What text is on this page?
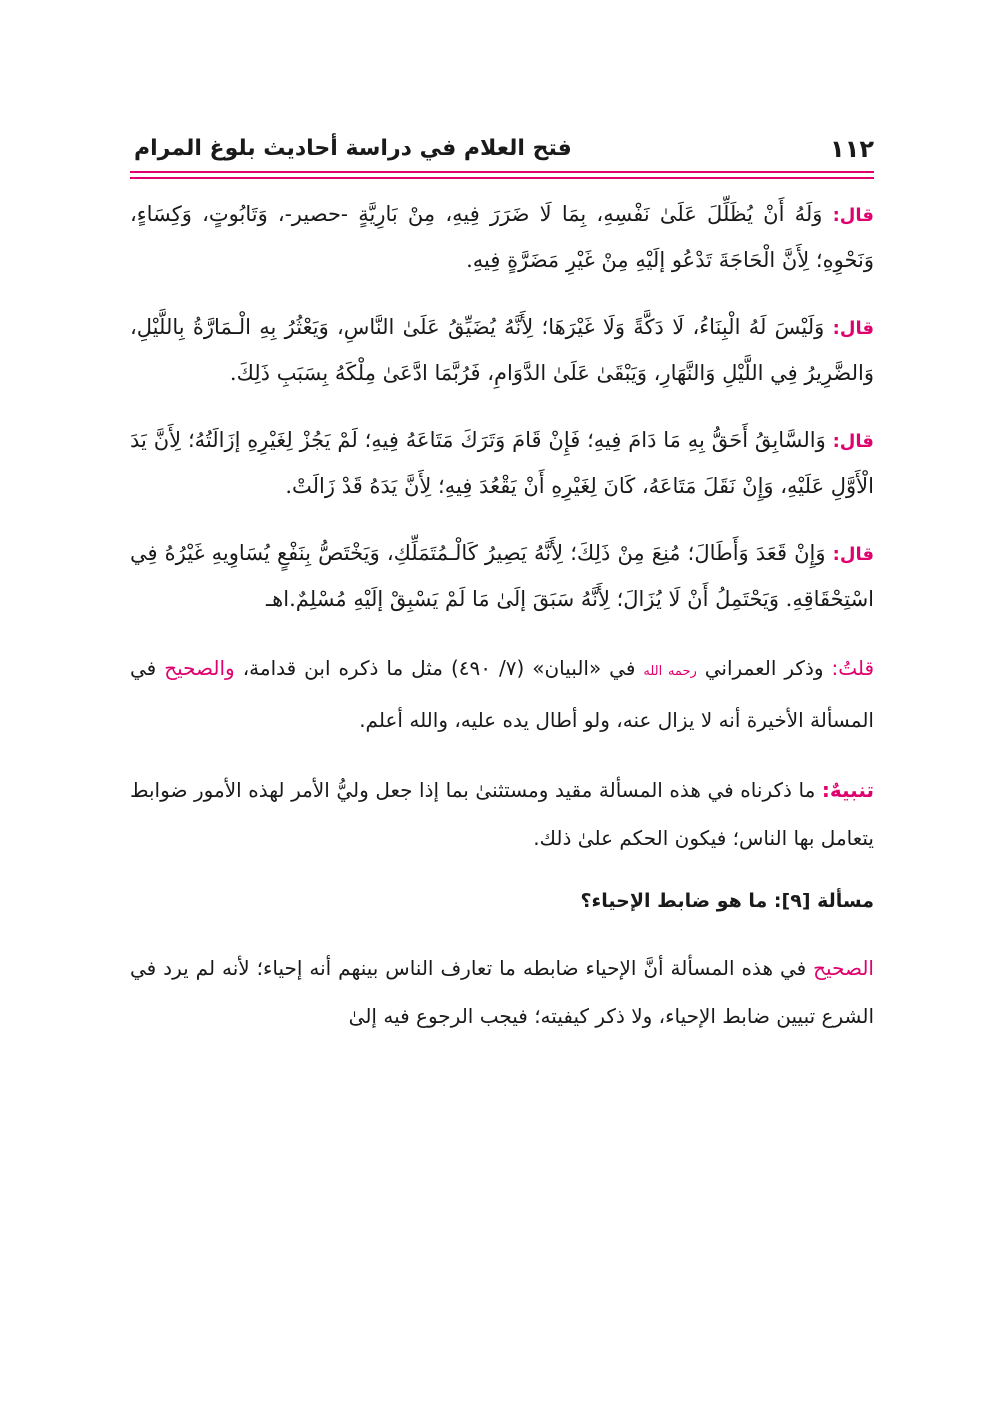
١١٢
فتح العلام في دراسة أحاديث بلوغ المرام

قال: وَلَهُ أَنْ يُظَلِّلَ عَلَىٰ نَفْسِهِ، بِمَا لَا ضَرَرَ فِيهِ، مِنْ بَارِيَّةٍ -حصير-، وَتَابُوتٍ، وَكِسَاءٍ، وَنَحْوِهِ؛ لِأَنَّ الْحَاجَةَ تَدْعُو إلَيْهِ مِنْ غَيْرِ مَضَرَّةٍ فِيهِ.

قال: وَلَيْسَ لَهُ الْبِنَاءُ، لَا دَكَّةً وَلَا غَيْرَهَا؛ لِأَنَّهُ يُضَيِّقُ عَلَىٰ النَّاسِ، وَيَعْثُرُ بِهِ الْـمَارَّةُ بِاللَّيْلِ، وَالضَّرِيرُ فِي اللَّيْلِ وَالنَّهَارِ، وَيَبْقَىٰ عَلَىٰ الدَّوَامِ، فَرُبَّمَا ادَّعَىٰ مِلْكَهُ بِسَبَبِ ذَلِكَ.

قال: وَالسَّابِقُ أَحَقُّ بِهِ مَا دَامَ فِيهِ؛ فَإِنْ قَامَ وَتَرَكَ مَتَاعَهُ فِيهِ؛ لَمْ يَجُزْ لِغَيْرِهِ إزَالَتُهُ؛ لِأَنَّ يَدَ الْأَوَّلِ عَلَيْهِ، وَإِنْ نَقَلَ مَتَاعَهُ، كَانَ لِغَيْرِهِ أَنْ يَقْعُدَ فِيهِ؛ لِأَنَّ يَدَهُ قَدْ زَالَتْ.

قال: وَإِنْ قَعَدَ وَأَطَالَ؛ مُنِعَ مِنْ ذَلِكَ؛ لِأَنَّهُ يَصِيرُ كَالْـمُتَمَلِّكِ، وَيَخْتَصُّ بِنَفْعٍ يُسَاوِيهِ غَيْرُهُ فِي اسْتِحْقَاقِهِ. وَيَحْتَمِلُ أَنْ لَا يُزَالَ؛ لِأَنَّهُ سَبَقَ إلَىٰ مَا لَمْ يَسْبِقْ إلَيْهِ مُسْلِمٌ.اهـ

قلتُ: وذكر العمراني رحمه الله في «البيان» (٧/ ٤٩٠) مثل ما ذكره ابن قدامة، والصحيح في المسألة الأخيرة أنه لا يزال عنه، ولو أطال يده عليه، والله أعلم.

تنبيهٌ: ما ذكرناه في هذه المسألة مقيد ومستثنىٰ بما إذا جعل وليُّ الأمر لهذه الأمور ضوابط يتعامل بها الناس؛ فيكون الحكم علىٰ ذلك.

مسألة [٩]: ما هو ضابط الإحياء؟

الصحيح في هذه المسألة أنَّ الإحياء ضابطه ما تعارف الناس بينهم أنه إحياء؛ لأنه لم يرد في الشرع تبيين ضابط الإحياء، ولا ذكر كيفيته؛ فيجب الرجوع فيه إلىٰ
